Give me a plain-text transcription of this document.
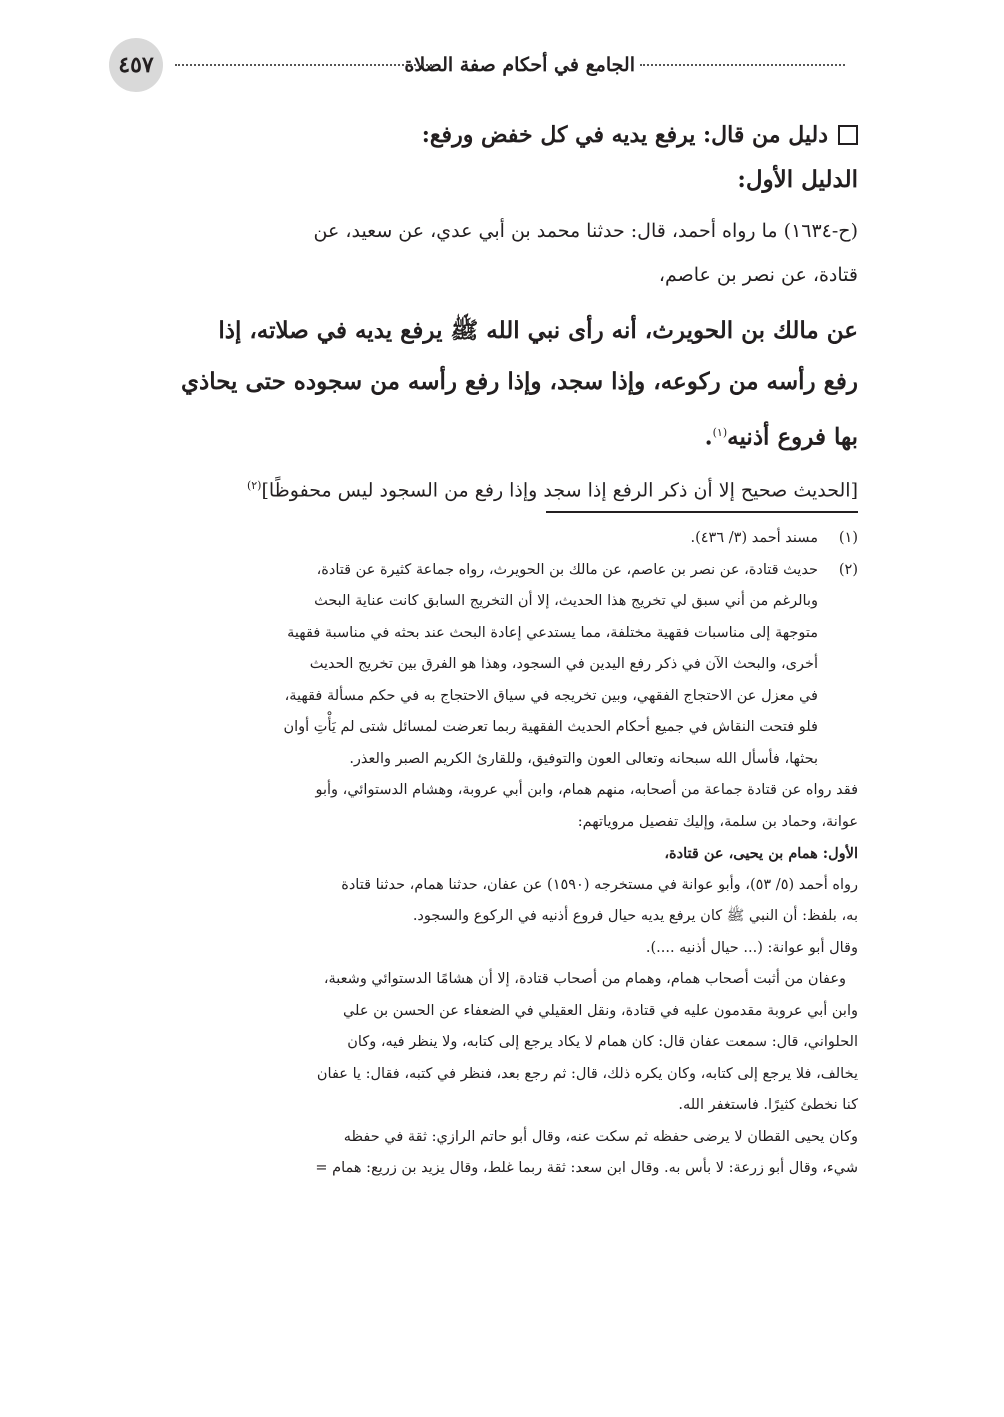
الجامع في أحكام صفة الصلاة
٤٥٧
دليل من قال: يرفع يديه في كل خفض ورفع:
الدليل الأول:

(ح-١٦٣٤) ما رواه أحمد، قال: حدثنا محمد بن أبي عدي، عن سعيد، عن

قتادة، عن نصر بن عاصم،

عن مالك بن الحويرث، أنه رأى نبي الله ﷺ يرفع يديه في صلاته، إذا

رفع رأسه من ركوعه، وإذا سجد، وإذا رفع رأسه من سجوده حتى يحاذي

بها فروع أذنيه$^{(١)}$.

[الحديث صحيح إلا أن ذكر الرفع إذا سجد وإذا رفع من السجود ليس محفوظًا]$^{(٢)}$
(١)
مسند أحمد (٣/ ٤٣٦).
(٢)

حديث قتادة، عن نصر بن عاصم، عن مالك بن الحويرث، رواه جماعة كثيرة عن قتادة،

وبالرغم من أني سبق لي تخريج هذا الحديث، إلا أن التخريج السابق كانت عناية البحث

متوجهة إلى مناسبات فقهية مختلفة، مما يستدعي إعادة البحث عند بحثه في مناسبة فقهية

أخرى، والبحث الآن في ذكر رفع اليدين في السجود، وهذا هو الفرق بين تخريج الحديث

في معزل عن الاحتجاج الفقهي، وبين تخريجه في سياق الاحتجاج به في حكم مسألة فقهية،

فلو فتحت النقاش في جميع أحكام الحديث الفقهية ربما تعرضت لمسائل شتى لم يَأْتِ أوان

بحثها، فأسأل الله سبحانه وتعالى العون والتوفيق، وللقارئ الكريم الصبر والعذر.

فقد رواه عن قتادة جماعة من أصحابه، منهم همام، وابن أبي عروبة، وهشام الدستوائي، وأبو

عوانة، وحماد بن سلمة، وإليك تفصيل مروياتهم:

الأول: همام بن يحيى، عن قتادة،

رواه أحمد (٥/ ٥٣)، وأبو عوانة في مستخرجه (١٥٩٠) عن عفان، حدثنا همام، حدثنا قتادة

به، بلفظ: أن النبي ﷺ كان يرفع يديه حيال فروع أذنيه في الركوع والسجود.

وقال أبو عوانة: (... حيال أذنيه ....).

وعفان من أثبت أصحاب همام، وهمام من أصحاب قتادة، إلا أن هشامًا الدستوائي وشعبة،

وابن أبي عروبة مقدمون عليه في قتادة، ونقل العقيلي في الضعفاء عن الحسن بن علي

الحلواني، قال: سمعت عفان قال: كان همام لا يكاد يرجع إلى كتابه، ولا ينظر فيه، وكان

يخالف، فلا يرجع إلى كتابه، وكان يكره ذلك، قال: ثم رجع بعد، فنظر في كتبه، فقال: يا عفان

كنا نخطئ كثيرًا. فاستغفر الله.

وكان يحيى القطان لا يرضى حفظه ثم سكت عنه، وقال أبو حاتم الرازي: ثقة في حفظه

شيء، وقال أبو زرعة: لا بأس به. وقال ابن سعد: ثقة ربما غلط، وقال يزيد بن زريع: همام =
